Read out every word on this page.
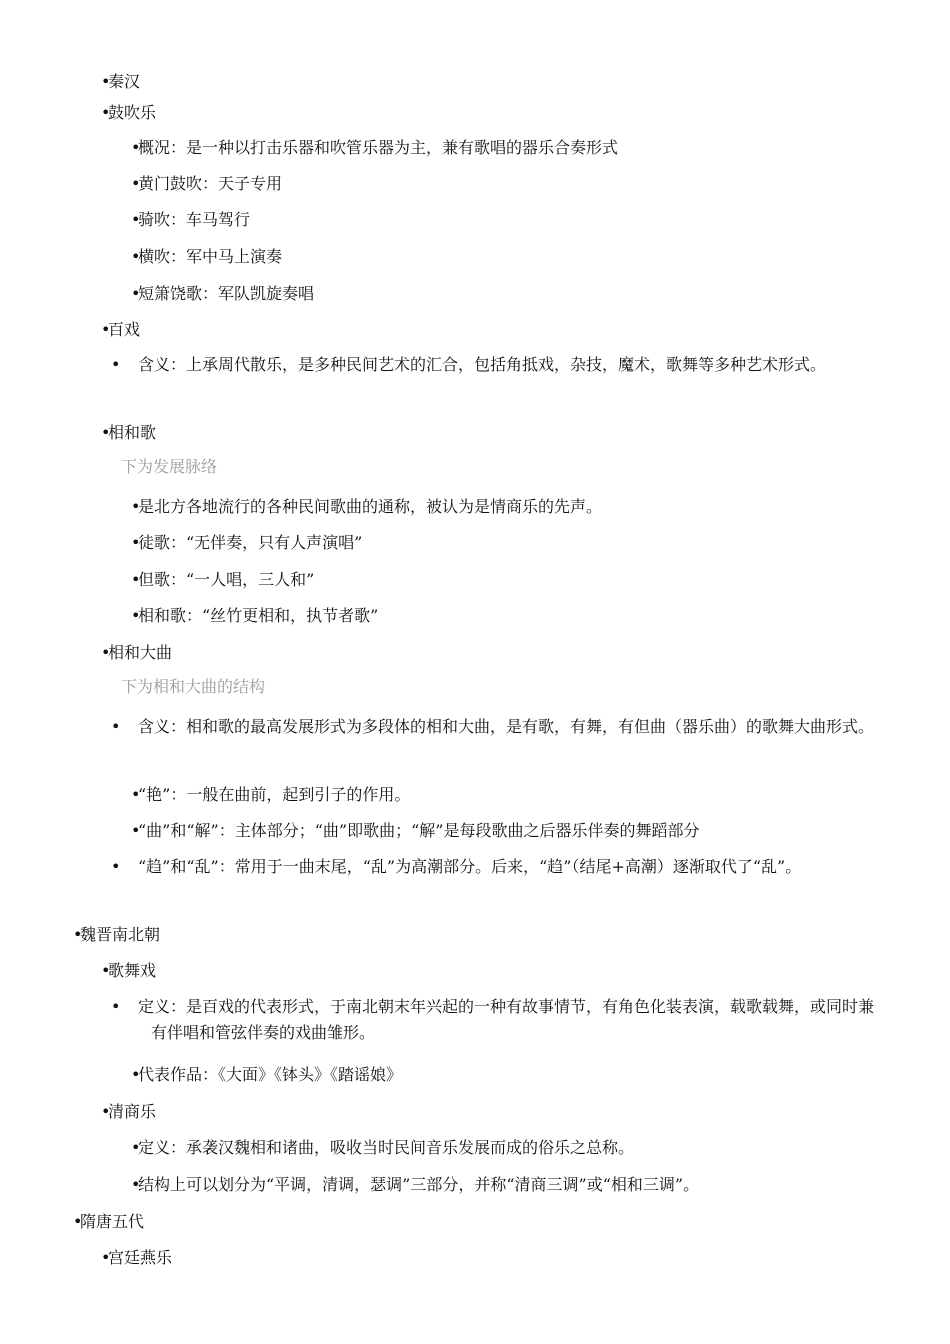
•秦汉
•鼓吹乐
•概况：是一种以打击乐器和吹管乐器为主，兼有歌唱的器乐合奏形式
•黄门鼓吹：天子专用
•骑吹：车马驾行
•横吹：军中马上演奏
•短箫饶歌：军队凯旋奏唱
•百戏
• 含义：上承周代散乐，是多种民间艺术的汇合，包括角抵戏，杂技，魔术，歌舞等多种艺术形式。
•相和歌
下为发展脉络
•是北方各地流行的各种民间歌曲的通称，被认为是情商乐的先声。
•徒歌：“无伴奏，只有人声演唱”
•但歌：“一人唱，三人和”
•相和歌：“丝竹更相和，执节者歌”
•相和大曲
下为相和大曲的结构
• 含义：相和歌的最高发展形式为多段体的相和大曲，是有歌，有舞，有但曲（器乐曲）的歌舞大曲形式。
•“艳”：一般在曲前，起到引子的作用。
•“曲”和“解”：主体部分；“曲”即歌曲；“解”是每段歌曲之后器乐伴奏的舞蹈部分
• “趋”和“乱”：常用于一曲末尾，“乱”为高潮部分。后来，“趋”（结尾+高潮）逐渐取代了“乱”。
•魏晋南北朝
•歌舞戏
• 定义：是百戏的代表形式，于南北朝末年兴起的一种有故事情节，有角色化装表演，载歌载舞，或同时兼有伴唱和管弦伴奏的戏曲雏形。
•代表作品：《大面》《钵头》《踏谣娘》
•清商乐
•定义：承袭汉魏相和诸曲，吸收当时民间音乐发展而成的俗乐之总称。
•结构上可以划分为“平调，清调，瑟调”三部分，并称“清商三调”或“相和三调”。
•隋唐五代
•宫廷燕乐
